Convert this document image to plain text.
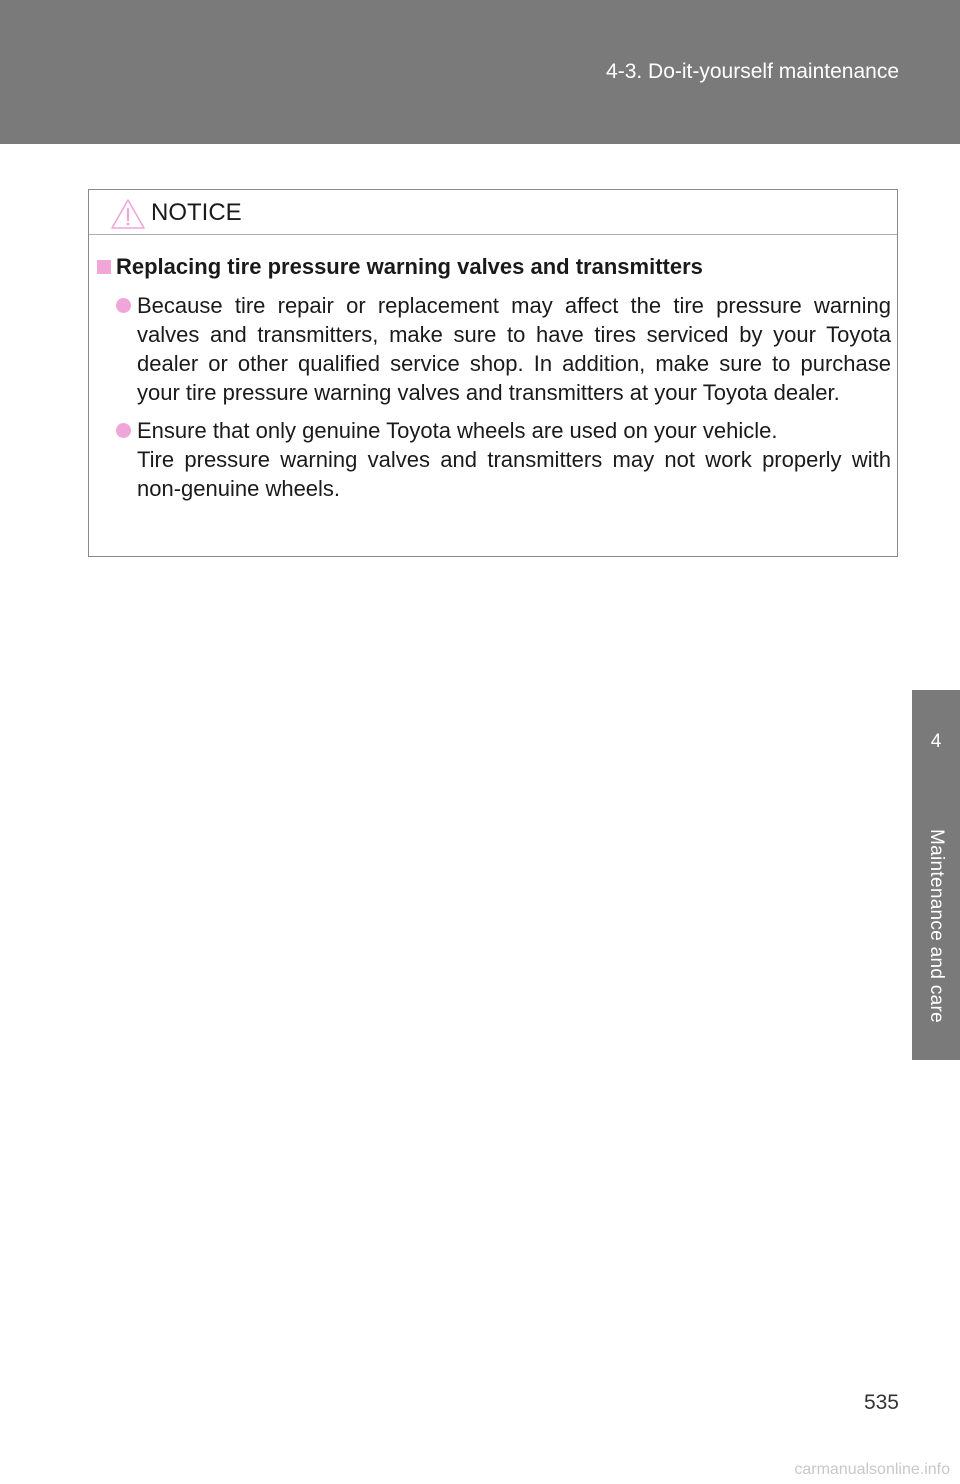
4-3. Do-it-yourself maintenance
4
Maintenance and care
NOTICE
Replacing tire pressure warning valves and transmitters
Because tire repair or replacement may affect the tire pressure warning valves and transmitters, make sure to have tires serviced by your Toyota dealer or other qualified service shop. In addition, make sure to purchase your tire pressure warning valves and transmitters at your Toyota dealer.
Ensure that only genuine Toyota wheels are used on your vehicle.
Tire pressure warning valves and transmitters may not work properly with non-genuine wheels.
535
carmanualsonline.info
